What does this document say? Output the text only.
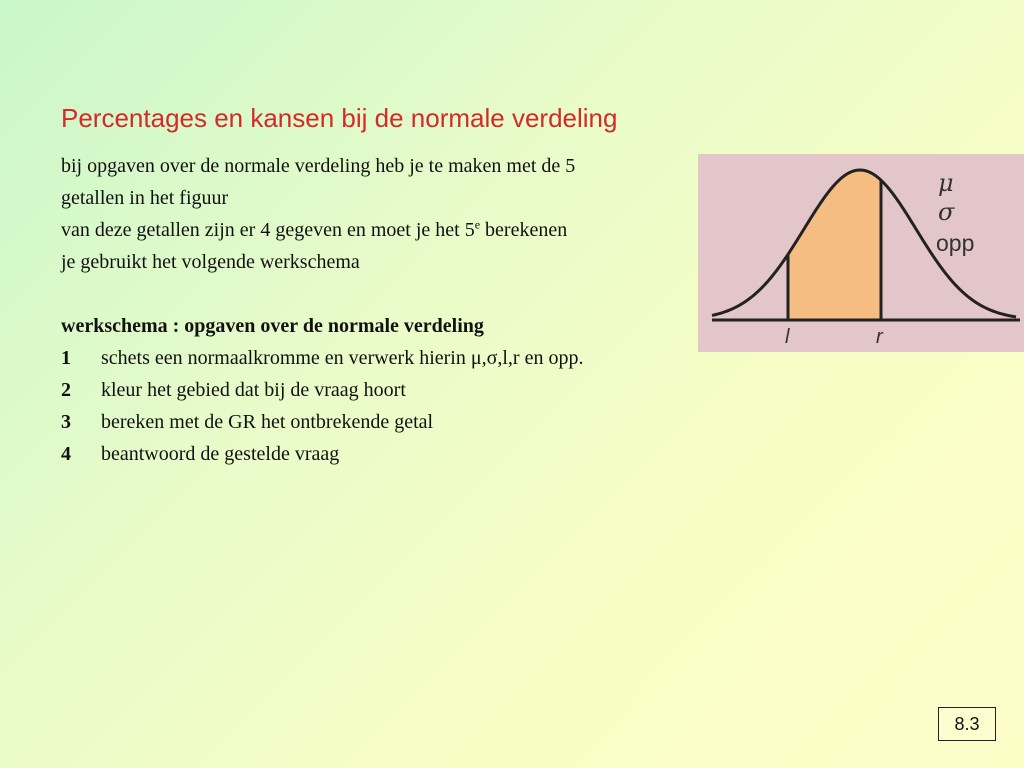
Percentages en kansen bij de normale verdeling
bij opgaven over de normale verdeling heb je te maken met de 5
getallen in het figuur
van deze getallen zijn er 4 gegeven en moet je het 5e berekenen
je gebruikt het volgende werkschema
werkschema : opgaven over de normale verdeling
1	schets een normaalkromme en verwerk hierin μ,σ,l,r en opp.
2	kleur het gebied dat bij de vraag hoort
3	bereken met de GR het ontbrekende getal
4	beantwoord de gestelde vraag
l	r
μ
σ
opp
8.3
